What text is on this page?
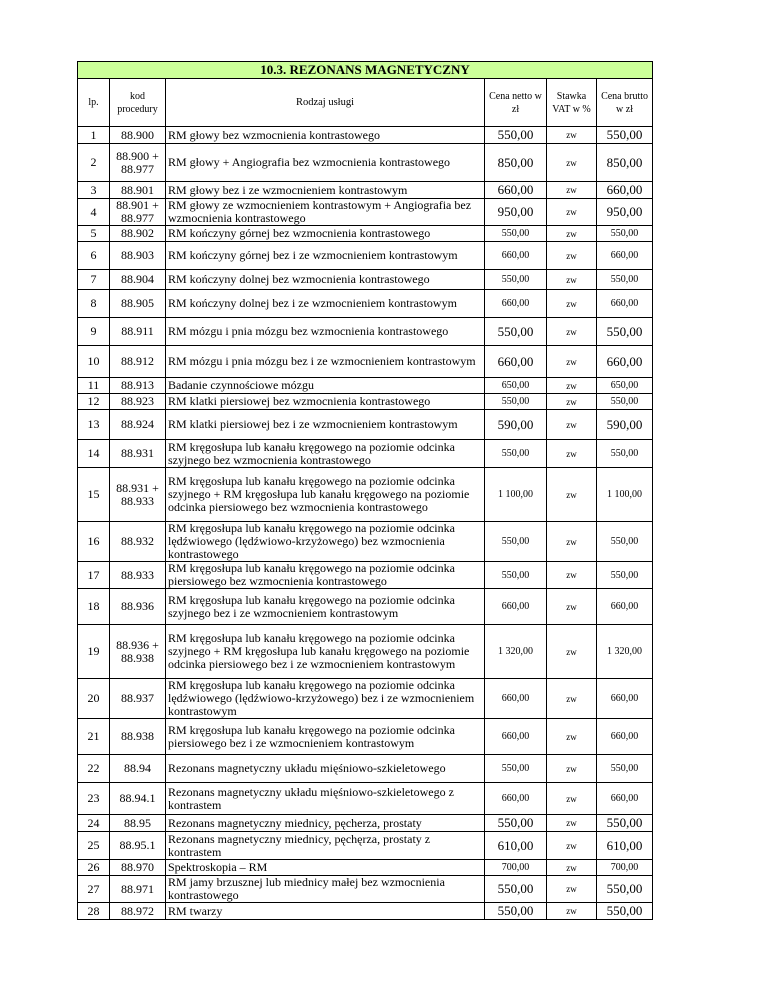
10.3. REZONANS MAGNETYCZNY					
lp.	kod procedury	Rodzaj usługi	Cena netto w zł	Stawka VAT w %	Cena brutto w zł
1	88.900	RM głowy bez wzmocnienia kontrastowego	550,00	zw	550,00
2	88.900 + 88.977	RM głowy + Angiografia bez wzmocnienia kontrastowego	850,00	zw	850,00
3	88.901	RM głowy bez i ze wzmocnieniem kontrastowym	660,00	zw	660,00
4	88.901 + 88.977	RM głowy ze wzmocnieniem kontrastowym + Angiografia bez wzmocnienia kontrastowego	950,00	zw	950,00
5	88.902	RM kończyny górnej bez wzmocnienia kontrastowego	550,00	zw	550,00
6	88.903	RM kończyny górnej bez i ze wzmocnieniem kontrastowym	660,00	zw	660,00
7	88.904	RM kończyny dolnej bez wzmocnienia kontrastowego	550,00	zw	550,00
8	88.905	RM kończyny dolnej bez i ze wzmocnieniem kontrastowym	660,00	zw	660,00
9	88.911	RM mózgu i pnia mózgu bez wzmocnienia kontrastowego	550,00	zw	550,00
10	88.912	RM mózgu i pnia mózgu bez i ze wzmocnieniem kontrastowym	660,00	zw	660,00
11	88.913	Badanie czynnościowe mózgu	650,00	zw	650,00
12	88.923	RM klatki piersiowej bez wzmocnienia kontrastowego	550,00	zw	550,00
13	88.924	RM klatki piersiowej bez i ze wzmocnieniem kontrastowym	590,00	zw	590,00
14	88.931	RM kręgosłupa lub kanału kręgowego na poziomie odcinka szyjnego bez wzmocnienia kontrastowego	550,00	zw	550,00
15	88.931 + 88.933	RM kręgosłupa lub kanału kręgowego na poziomie odcinka szyjnego + RM kręgosłupa lub kanału kręgowego na poziomie odcinka piersiowego bez wzmocnienia kontrastowego	1 100,00	zw	1 100,00
16	88.932	RM kręgosłupa lub kanału kręgowego na poziomie odcinka lędźwiowego (lędźwiowo-krzyżowego) bez wzmocnienia kontrastowego	550,00	zw	550,00
17	88.933	RM kręgosłupa lub kanału kręgowego na poziomie odcinka piersiowego bez wzmocnienia kontrastowego	550,00	zw	550,00
18	88.936	RM kręgosłupa lub kanału kręgowego na poziomie odcinka szyjnego bez i ze wzmocnieniem kontrastowym	660,00	zw	660,00
19	88.936 + 88.938	RM kręgosłupa lub kanału kręgowego na poziomie odcinka szyjnego + RM kręgosłupa lub kanału kręgowego na poziomie odcinka piersiowego bez i ze wzmocnieniem kontrastowym	1 320,00	zw	1 320,00
20	88.937	RM kręgosłupa lub kanału kręgowego na poziomie odcinka lędźwiowego (lędźwiowo-krzyżowego) bez i ze wzmocnieniem kontrastowym	660,00	zw	660,00
21	88.938	RM kręgosłupa lub kanału kręgowego na poziomie odcinka piersiowego bez i ze wzmocnieniem kontrastowym	660,00	zw	660,00
22	88.94	Rezonans magnetyczny układu mięśniowo-szkieletowego	550,00	zw	550,00
23	88.94.1	Rezonans magnetyczny układu mięśniowo-szkieletowego z kontrastem	660,00	zw	660,00
24	88.95	Rezonans magnetyczny miednicy, pęcherza, prostaty	550,00	zw	550,00
25	88.95.1	Rezonans magnetyczny miednicy, pęchęrza, prostaty z kontrastem	610,00	zw	610,00
26	88.970	Spektroskopia – RM	700,00	zw	700,00
27	88.971	RM jamy brzusznej lub miednicy małej bez wzmocnienia kontrastowego	550,00	zw	550,00
28	88.972	RM twarzy	550,00	zw	550,00
